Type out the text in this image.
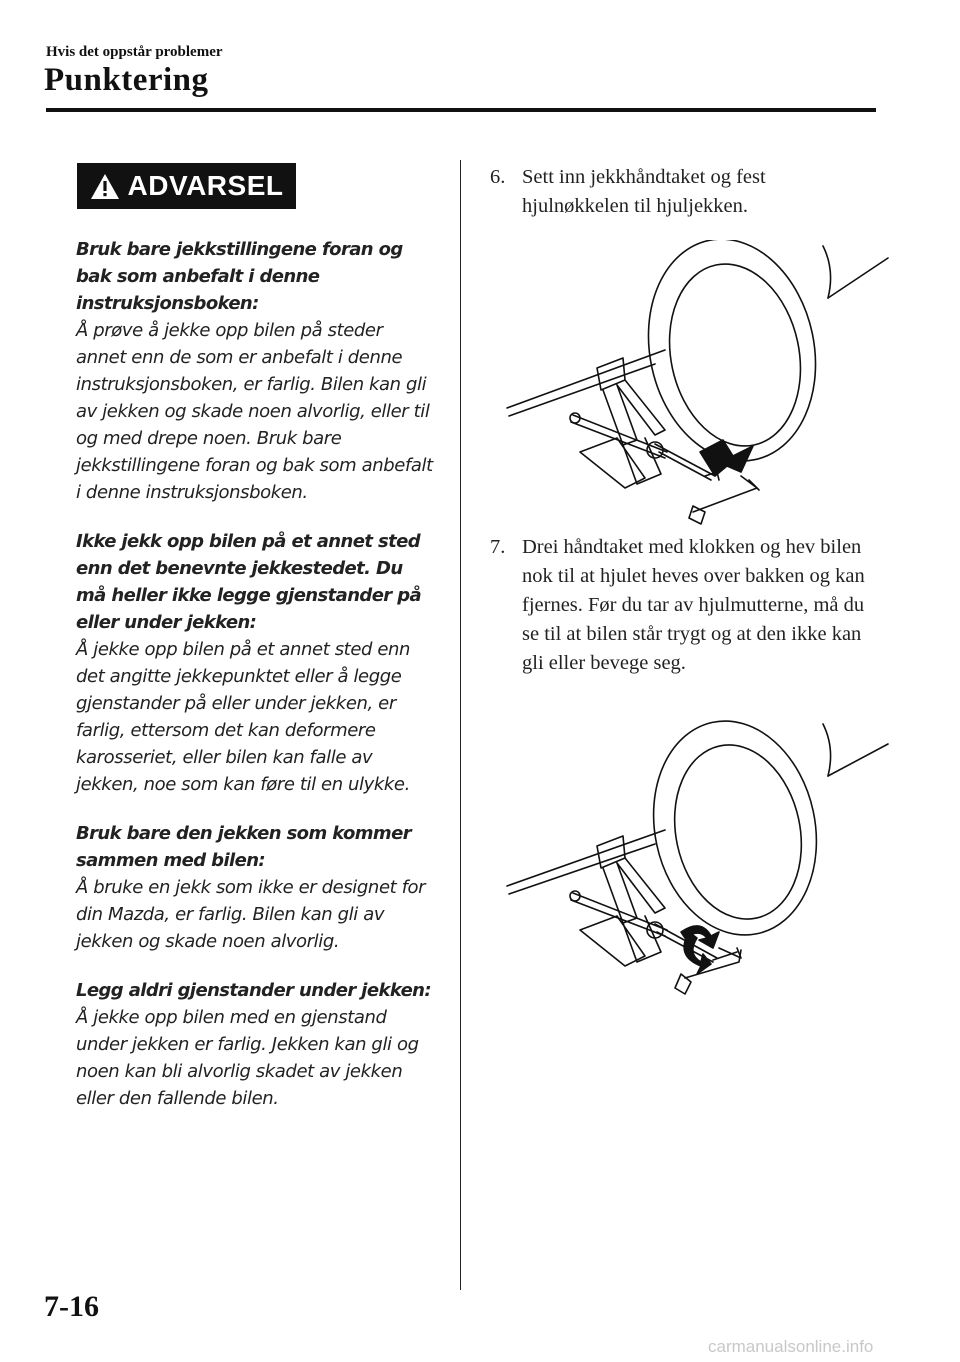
Hvis det oppstår problemer
Punktering
ADVARSEL
Bruk bare jekkstillingene foran og bak som anbefalt i denne instruksjonsboken:
Å prøve å jekke opp bilen på steder annet enn de som er anbefalt i denne instruksjonsboken, er farlig. Bilen kan gli av jekken og skade noen alvorlig, eller til og med drepe noen. Bruk bare jekkstillingene foran og bak som anbefalt i denne instruksjonsboken.
Ikke jekk opp bilen på et annet sted enn det benevnte jekkestedet. Du må heller ikke legge gjenstander på eller under jekken:
Å jekke opp bilen på et annet sted enn det angitte jekkepunktet eller å legge gjenstander på eller under jekken, er farlig, ettersom det kan deformere karosseriet, eller bilen kan falle av jekken, noe som kan føre til en ulykke.
Bruk bare den jekken som kommer sammen med bilen:
Å bruke en jekk som ikke er designet for din Mazda, er farlig. Bilen kan gli av jekken og skade noen alvorlig.
Legg aldri gjenstander under jekken:
Å jekke opp bilen med en gjenstand under jekken er farlig. Jekken kan gli og noen kan bli alvorlig skadet av jekken eller den fallende bilen.
6. Sett inn jekkhåndtaket og fest hjulnøkkelen til hjuljekken.
7. Drei håndtaket med klokken og hev bilen nok til at hjulet heves over bakken og kan fjernes. Før du tar av hjulmutterne, må du se til at bilen står trygt og at den ikke kan gli eller bevege seg.
7-16
carmanualsonline.info
